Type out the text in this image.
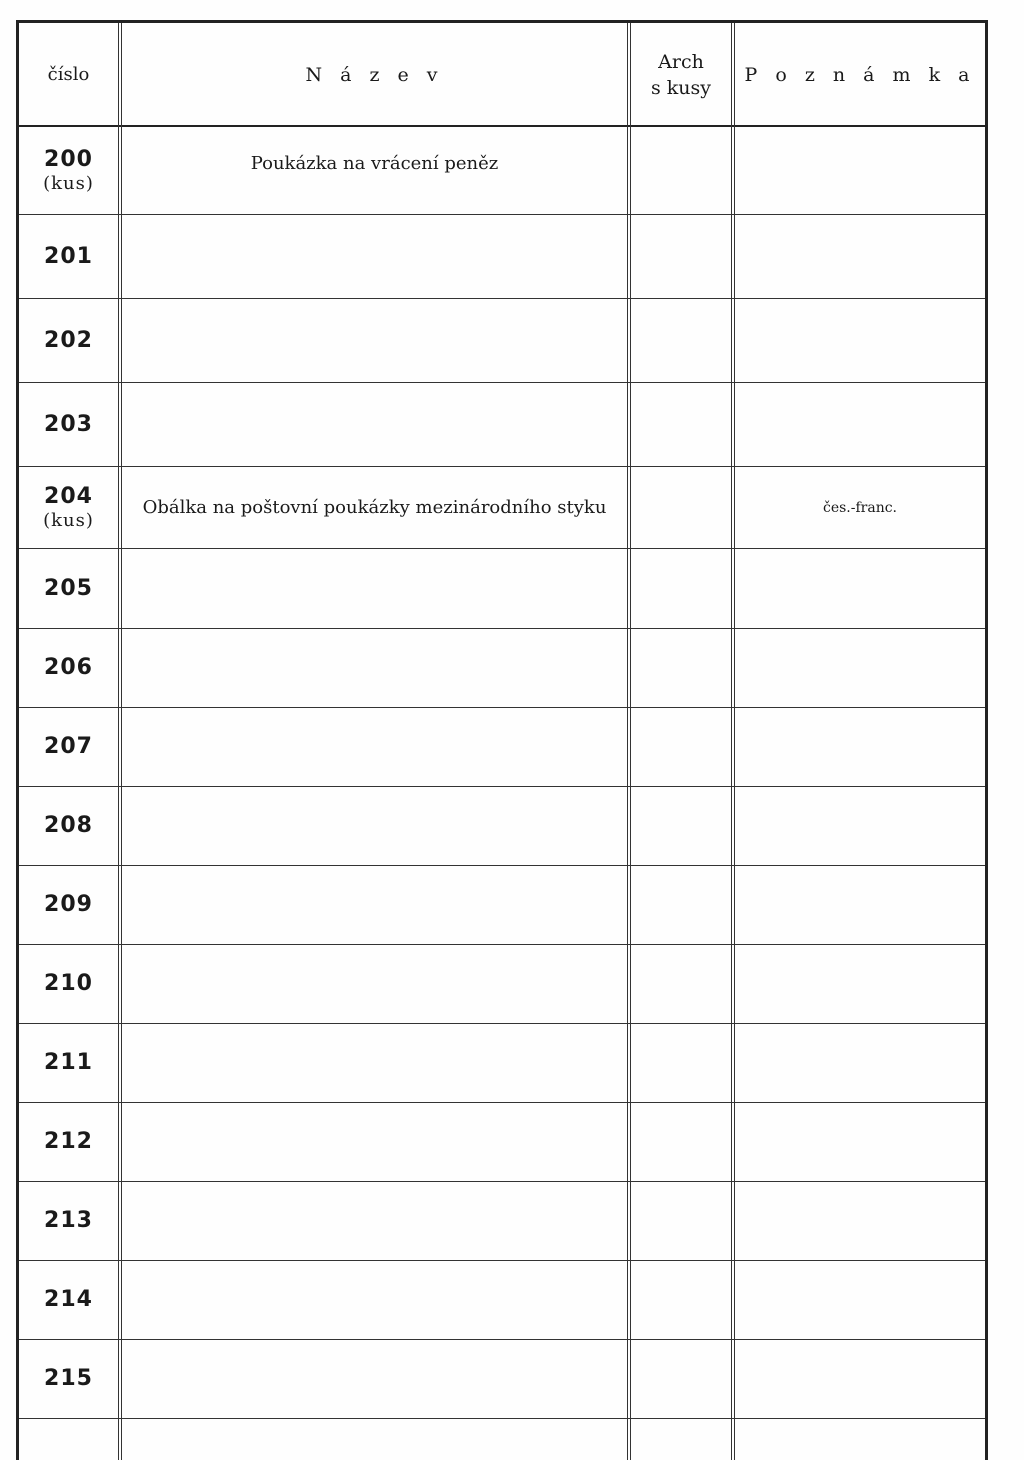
číslo	N á z e v
Arch
s kusy
P o z n á m k a
200
(kus)
Poukázka na vrácení peněz
201
202
203
204
(kus)
Obálka na poštovní poukázky mezinárodního styku	čes.-franc.
205
206
207
208
209
210
211
212
213
214
215
